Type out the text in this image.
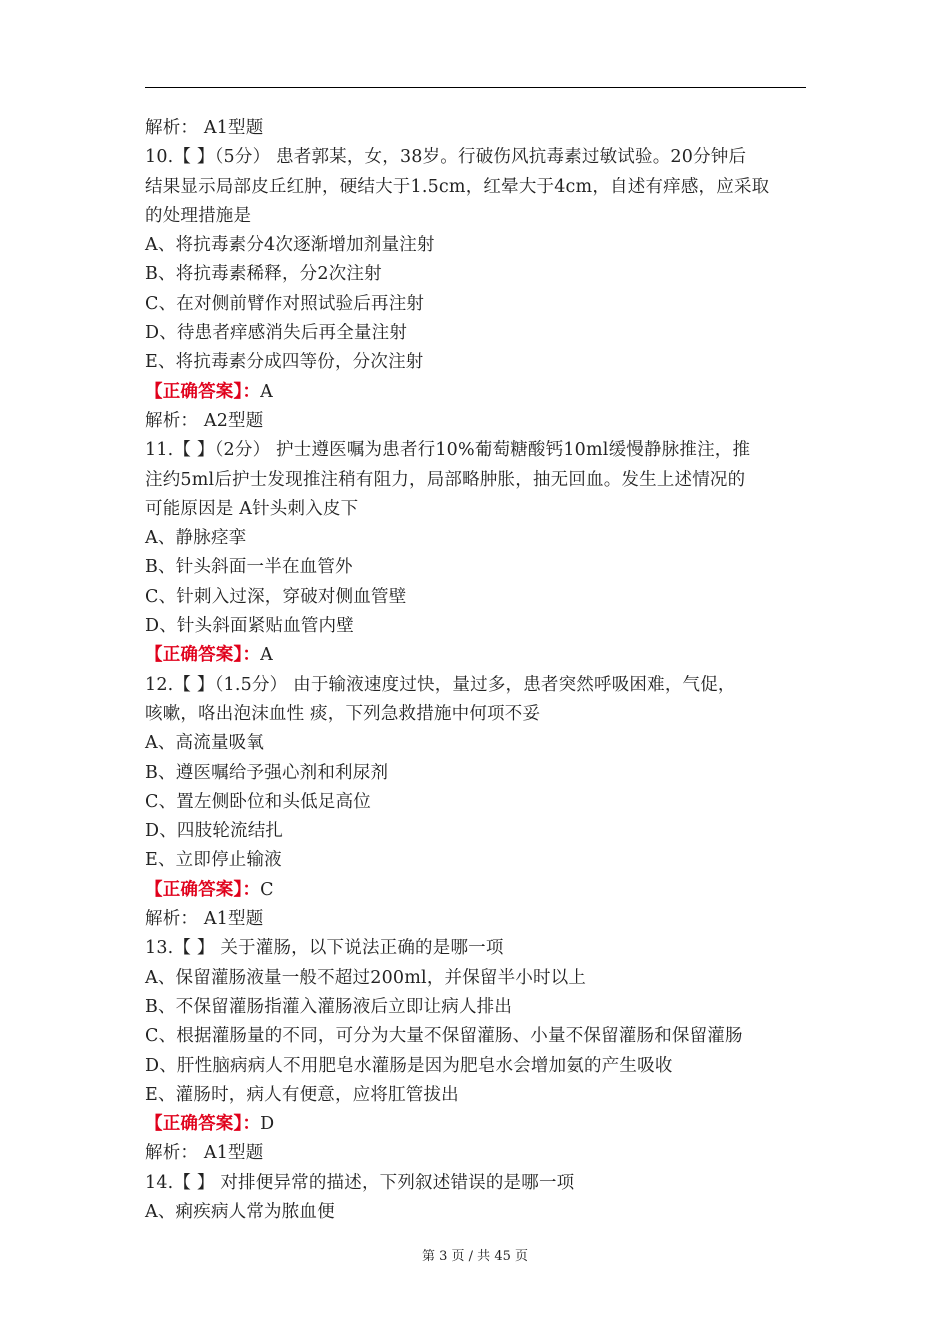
解析： A1型题
10.【 】（5分） 患者郭某，女，38岁。行破伤风抗毒素过敏试验。20分钟后
结果显示局部皮丘红肿，硬结大于1.5cm，红晕大于4cm，自述有痒感，应采取
的处理措施是
A、将抗毒素分4次逐渐增加剂量注射
B、将抗毒素稀释，分2次注射
C、在对侧前臂作对照试验后再注射
D、待患者痒感消失后再全量注射
E、将抗毒素分成四等份，分次注射
【正确答案】：A
解析： A2型题
11.【 】（2分） 护士遵医嘱为患者行10%葡萄糖酸钙10ml缓慢静脉推注，推
注约5ml后护士发现推注稍有阻力，局部略肿胀，抽无回血。发生上述情况的
可能原因是 A针头刺入皮下
A、静脉痉挛
B、针头斜面一半在血管外
C、针刺入过深，穿破对侧血管壁
D、针头斜面紧贴血管内壁
【正确答案】：A
12.【 】（1.5分） 由于输液速度过快，量过多，患者突然呼吸困难，气促，
咳嗽，咯出泡沫血性 痰，下列急救措施中何项不妥
A、高流量吸氧
B、遵医嘱给予强心剂和利尿剂
C、置左侧卧位和头低足高位
D、四肢轮流结扎
E、立即停止输液
【正确答案】：C
解析： A1型题
13.【 】 关于灌肠，以下说法正确的是哪一项
A、保留灌肠液量一般不超过200ml，并保留半小时以上
B、不保留灌肠指灌入灌肠液后立即让病人排出
C、根据灌肠量的不同，可分为大量不保留灌肠、小量不保留灌肠和保留灌肠
D、肝性脑病病人不用肥皂水灌肠是因为肥皂水会增加氨的产生吸收
E、灌肠时，病人有便意，应将肛管拔出
【正确答案】：D
解析： A1型题
14.【 】 对排便异常的描述，下列叙述错误的是哪一项
A、痢疾病人常为脓血便
第 3 页 / 共 45 页
